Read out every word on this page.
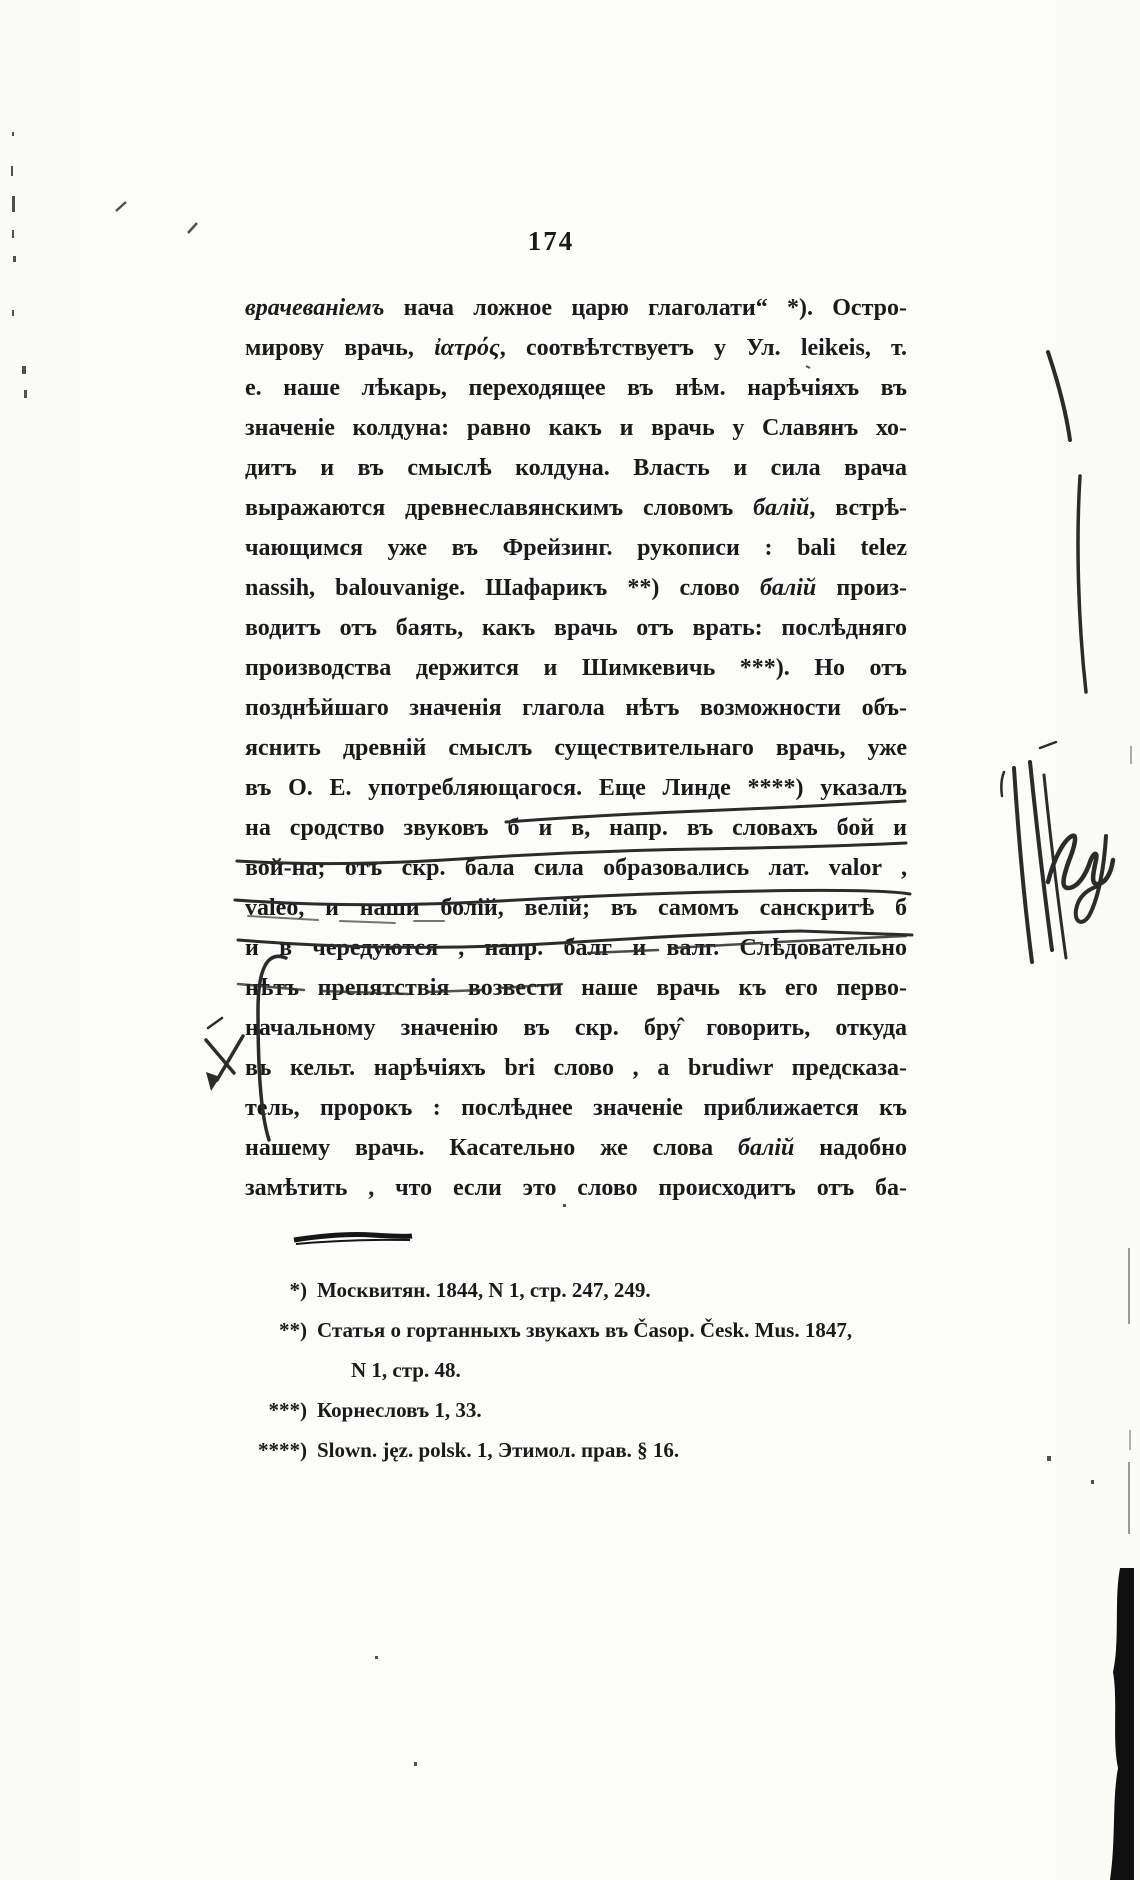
174
врачеваніемъ нача ложное царю глаголати“ *). Остро-
мирову врачь, ἰατρός, соотвѣтствуетъ у Ул. leikeis, т.
е. наше лѣкарь, переходящее въ нѣм. нарѣчіяхъ въ
значеніе колдуна: равно какъ и врачь у Славянъ хо-
дитъ и въ смыслѣ колдуна. Власть и сила врача
выражаются древнеславянскимъ словомъ балій, встрѣ-
чающимся уже въ Фрейзинг. рукописи : bali telez
nassih, balouvanige. Шафарикъ **) слово балій произ-
водитъ отъ баять, какъ врачь отъ врать: послѣдняго
производства держится и Шимкевичь ***). Но отъ
позднѣйшаго значенія глагола нѣтъ возможности объ-
яснить древній смыслъ существительнаго врачь, уже
въ О. Е. употребляющагося. Еще Линде ****) указалъ
на сродство звуковъ б и в, напр. въ словахъ бой и
вой-на; отъ скр. бала сила образовались лат. valor ,
valeo, и наши болій, велій; въ самомъ санскритѣ б
и в чередуются , напр. балг и валг. Слѣдовательно
нѣтъ препятствія возвести наше врачь къ его перво-
начальному значенію въ скр. бру̂ говорить, откуда
въ кельт. нарѣчіяхъ bri слово , a brudiwr предсказа-
тель, пророкъ : послѣднее значеніе приближается къ
нашему врачь. Касательно же слова балій надобно
замѣтить , что если это слово происходитъ отъ ба-
*) Москвитян. 1844, N 1, стр. 247, 249.
**) Статья о гортанныхъ звукахъ въ Časop. Česk. Mus. 1847,
N 1, стр. 48.
***) Корнесловъ 1, 33.
****) Slown. jęz. polsk. 1, Этимол. прав. § 16.
